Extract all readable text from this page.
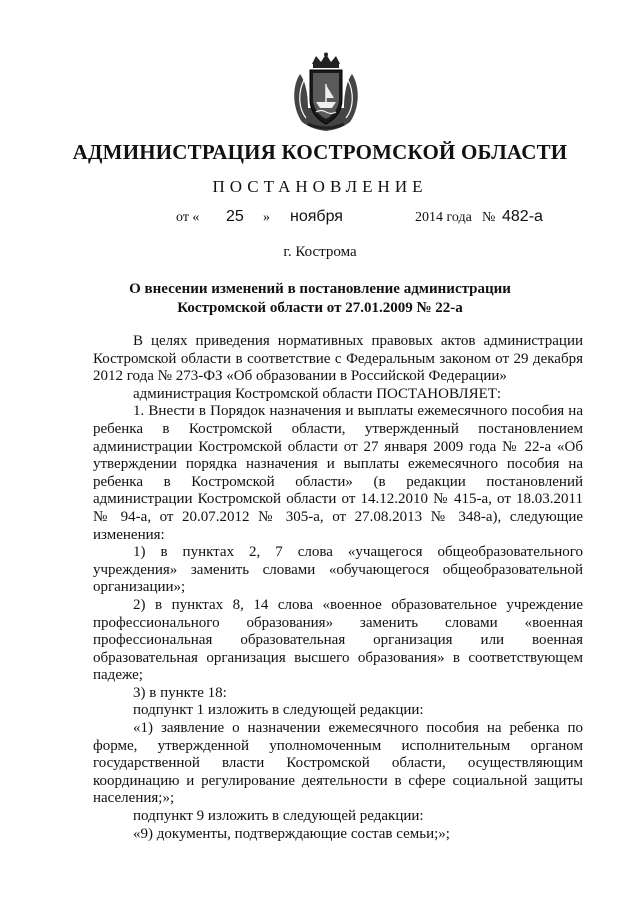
АДМИНИСТРАЦИЯ КОСТРОМСКОЙ ОБЛАСТИ
ПОСТАНОВЛЕНИЕ
от « 25 » ноября	2014 года № 482-а
г. Кострома
О внесении изменений в постановление администрации
Костромской области от 27.01.2009 № 22-а

В целях приведения нормативных правовых актов администрации Костромской области в соответствие с Федеральным законом от 29 декабря 2012 года № 273-ФЗ «Об образовании в Российской Федерации»

администрация Костромской области ПОСТАНОВЛЯЕТ:

1. Внести в Порядок назначения и выплаты ежемесячного пособия на ребенка в Костромской области, утвержденный постановлением администрации Костромской области от 27 января 2009 года № 22-а «Об утверждении порядка назначения и выплаты ежемесячного пособия на ребенка в Костромской области» (в редакции постановлений администрации Костромской области от 14.12.2010 № 415-а, от 18.03.2011 № 94-а, от 20.07.2012 № 305-а, от 27.08.2013 № 348-а), следующие изменения:

1) в пунктах 2, 7 слова «учащегося общеобразовательного учреждения» заменить словами «обучающегося общеобразовательной организации»;

2) в пунктах 8, 14 слова «военное образовательное учреждение профессионального образования» заменить словами «военная профессиональная образовательная организация или военная образовательная организация высшего образования» в соответствующем падеже;

3) в пункте 18:

подпункт 1 изложить в следующей редакции:

«1) заявление о назначении ежемесячного пособия на ребенка по форме, утвержденной уполномоченным исполнительным органом государственной власти Костромской области, осуществляющим координацию и регулирование деятельности в сфере социальной защиты населения;»;

подпункт 9 изложить в следующей редакции:

«9) документы, подтверждающие состав семьи;»;
